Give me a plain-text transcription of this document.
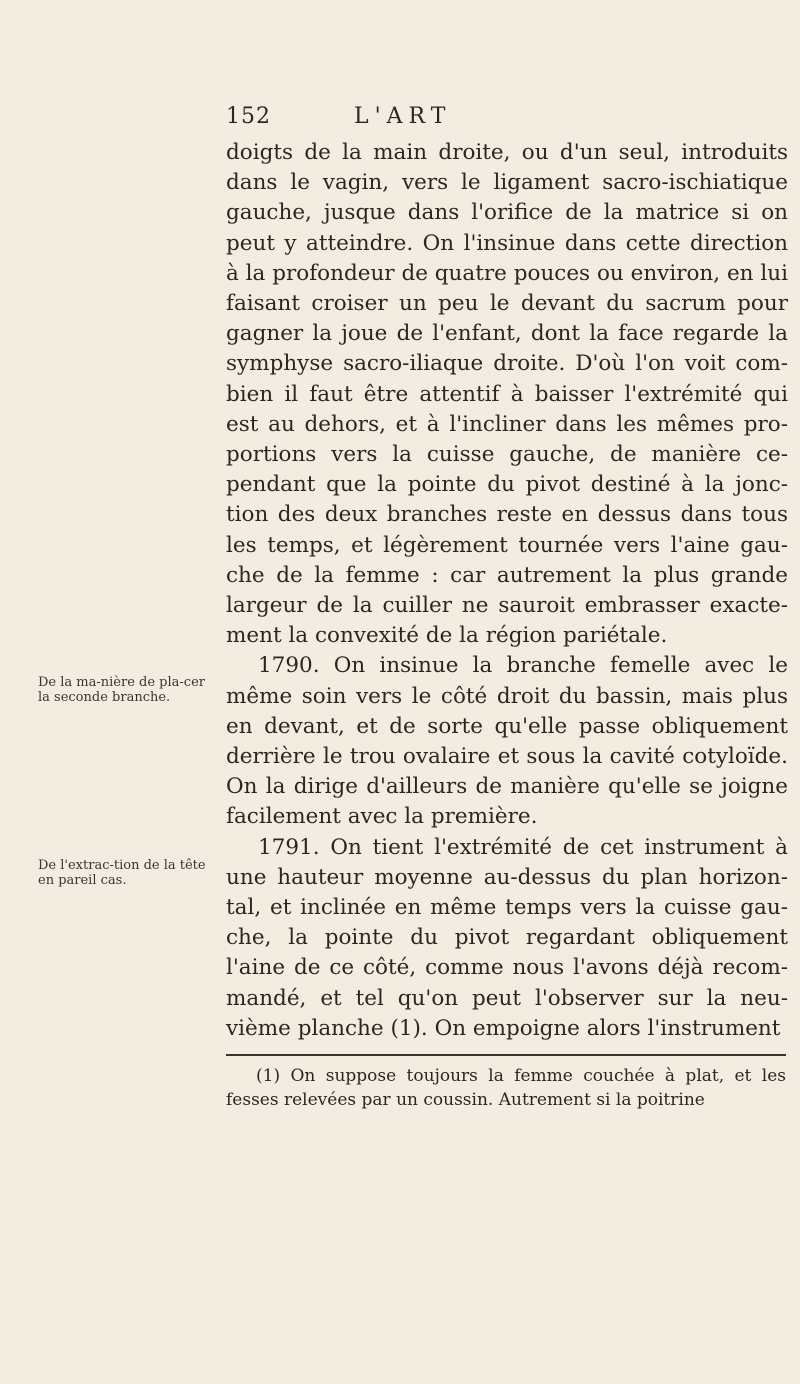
152	L'ART
De la ma-nière de pla-cer la seconde branche.
De l'extrac-tion de la tête en pareil cas.

doigts de la main droite, ou d'un seul, introduits dans le vagin, vers le ligament sacro-ischiatique gauche, jusque dans l'orifice de la matrice si on peut y atteindre. On l'insinue dans cette direction à la profondeur de quatre pouces ou environ, en lui faisant croiser un peu le devant du sacrum pour gagner la joue de l'enfant, dont la face regarde la symphyse sacro-iliaque droite. D'où l'on voit com-bien il faut être attentif à baisser l'extrémité qui est au dehors, et à l'incliner dans les mêmes pro-portions vers la cuisse gauche, de manière ce-pendant que la pointe du pivot destiné à la jonc-tion des deux branches reste en dessus dans tous les temps, et légèrement tournée vers l'aine gau-che de la femme : car autrement la plus grande largeur de la cuiller ne sauroit embrasser exacte-ment la convexité de la région pariétale.

1790. On insinue la branche femelle avec le même soin vers le côté droit du bassin, mais plus en devant, et de sorte qu'elle passe obliquement derrière le trou ovalaire et sous la cavité cotyloïde. On la dirige d'ailleurs de manière qu'elle se joigne facilement avec la première.

1791. On tient l'extrémité de cet instrument à une hauteur moyenne au-dessus du plan horizon-tal, et inclinée en même temps vers la cuisse gau-che, la pointe du pivot regardant obliquement l'aine de ce côté, comme nous l'avons déjà recom-mandé, et tel qu'on peut l'observer sur la neu-vième planche (1). On empoigne alors l'instrument

(1) On suppose toujours la femme couchée à plat, et les fesses relevées par un coussin. Autrement si la poitrine
